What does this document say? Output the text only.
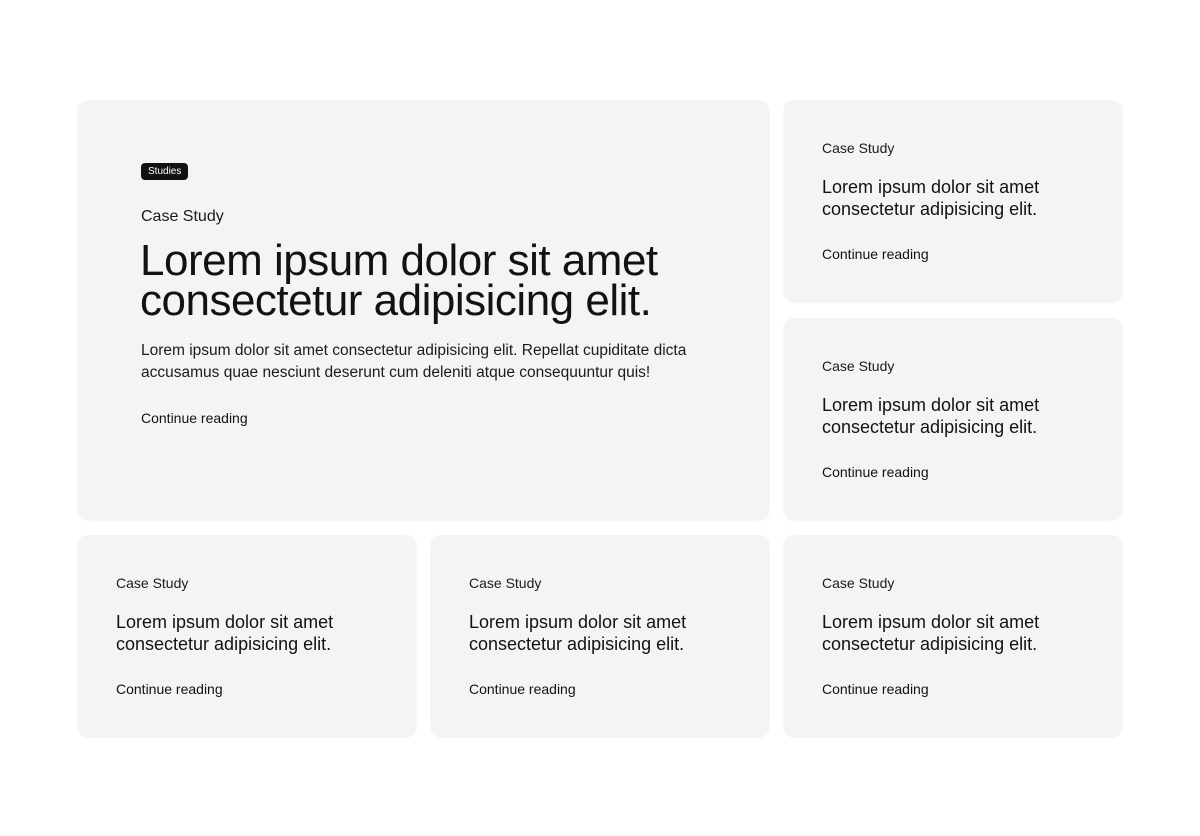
Studies
Case Study
Lorem ipsum dolor sit amet consectetur adipisicing elit.

Lorem ipsum dolor sit amet consectetur adipisicing elit. Repellat cupiditate dicta accusamus quae nesciunt deserunt cum deleniti atque consequuntur quis!

Continue reading
Case Study
Lorem ipsum dolor sit amet consectetur adipisicing elit.
Continue reading
Case Study
Lorem ipsum dolor sit amet consectetur adipisicing elit.
Continue reading
Case Study
Lorem ipsum dolor sit amet consectetur adipisicing elit.
Continue reading
Case Study
Lorem ipsum dolor sit amet consectetur adipisicing elit.
Continue reading
Case Study
Lorem ipsum dolor sit amet consectetur adipisicing elit.
Continue reading
